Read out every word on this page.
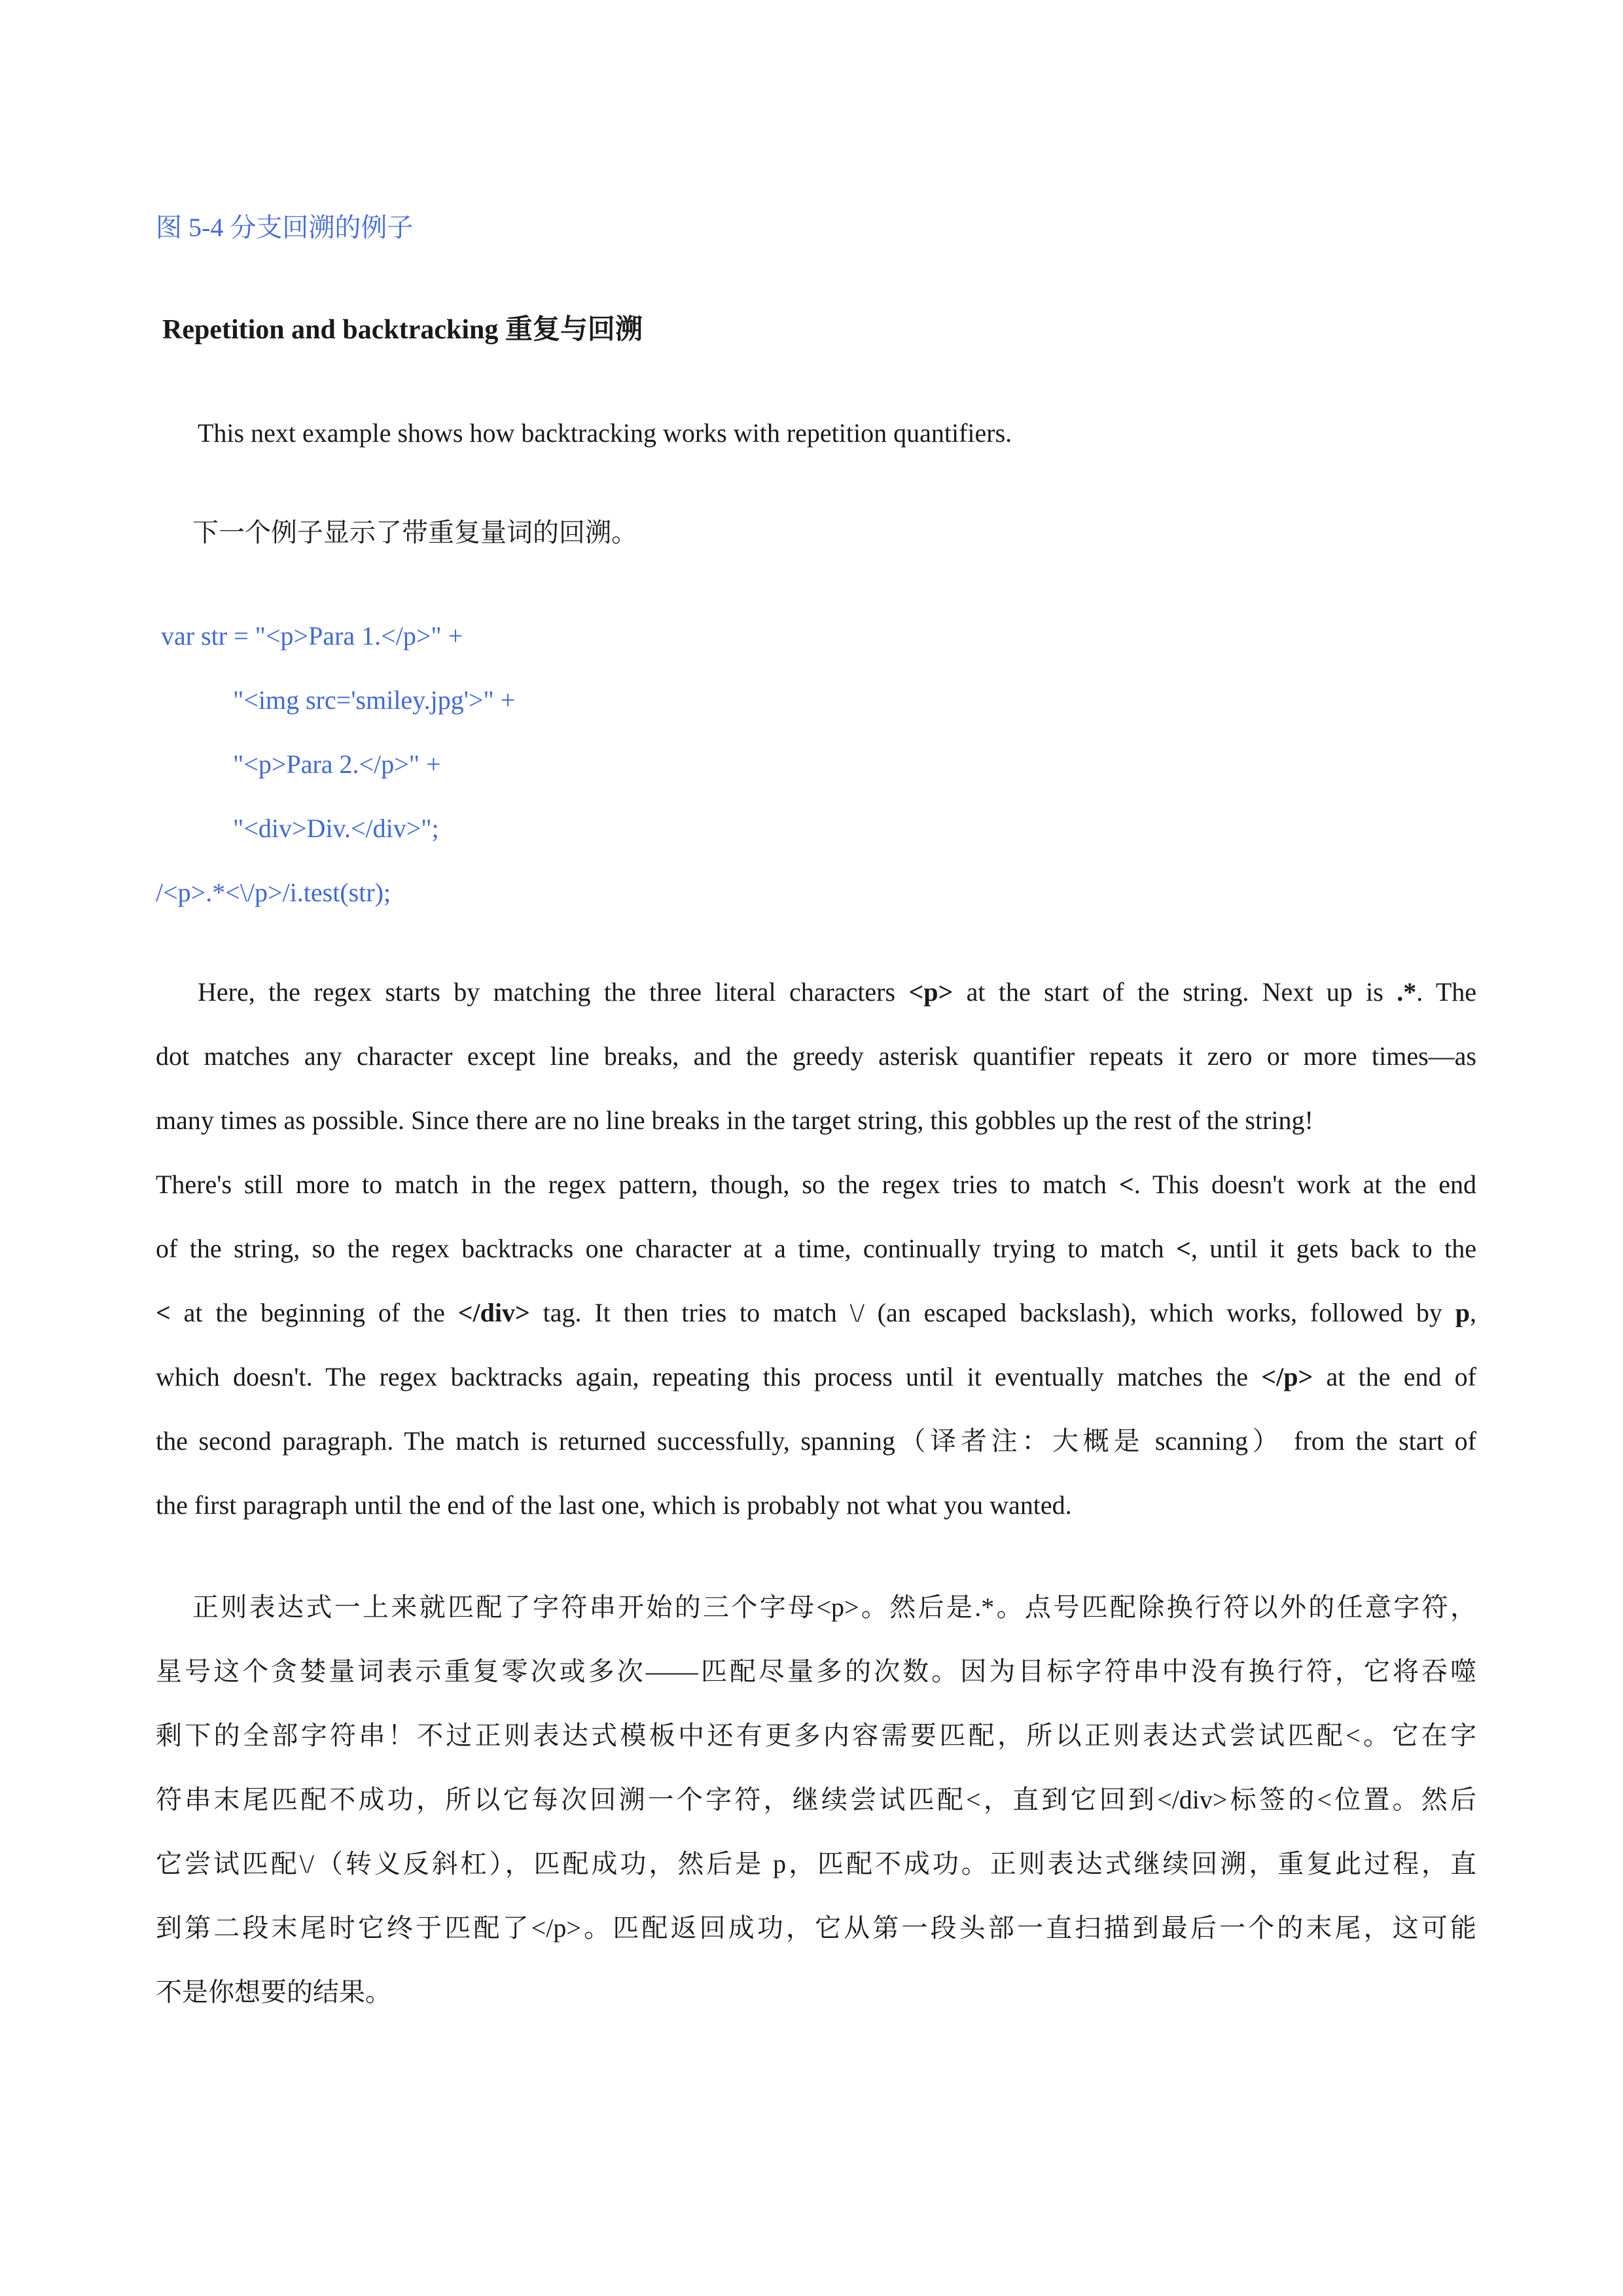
图 5-4 分支回溯的例子
Repetition and backtracking 重复与回溯
This next example shows how backtracking works with repetition quantifiers.
下一个例子显示了带重复量词的回溯。
var str = "<p>Para 1.</p>" +
"<img src='smiley.jpg'>" +
"<p>Para 2.</p>" +
"<div>Div.</div>";
/<p>.*<\/p>/i.test(str);
Here, the regex starts by matching the three literal characters <p> at the start of the string. Next up is .*. The
dot matches any character except line breaks, and the greedy asterisk quantifier repeats it zero or more times—as
many times as possible. Since there are no line breaks in the target string, this gobbles up the rest of the string!
There's still more to match in the regex pattern, though, so the regex tries to match <. This doesn't work at the end
of the string, so the regex backtracks one character at a time, continually trying to match <, until it gets back to the
< at the beginning of the </div> tag. It then tries to match \/ (an escaped backslash), which works, followed by p,
which doesn't. The regex backtracks again, repeating this process until it eventually matches the </p> at the end of
the second paragraph. The match is returned successfully, spanning（译者注：大概是 scanning） from the start of
the first paragraph until the end of the last one, which is probably not what you wanted.
正则表达式一上来就匹配了字符串开始的三个字母<p>。然后是.*。点号匹配除换行符以外的任意字符，
星号这个贪婪量词表示重复零次或多次——匹配尽量多的次数。因为目标字符串中没有换行符，它将吞噬
剩下的全部字符串！不过正则表达式模板中还有更多内容需要匹配，所以正则表达式尝试匹配<。它在字
符串末尾匹配不成功，所以它每次回溯一个字符，继续尝试匹配<，直到它回到</div>标签的<位置。然后
它尝试匹配\/（转义反斜杠），匹配成功，然后是 p，匹配不成功。正则表达式继续回溯，重复此过程，直
到第二段末尾时它终于匹配了</p>。匹配返回成功，它从第一段头部一直扫描到最后一个的末尾，这可能
不是你想要的结果。
